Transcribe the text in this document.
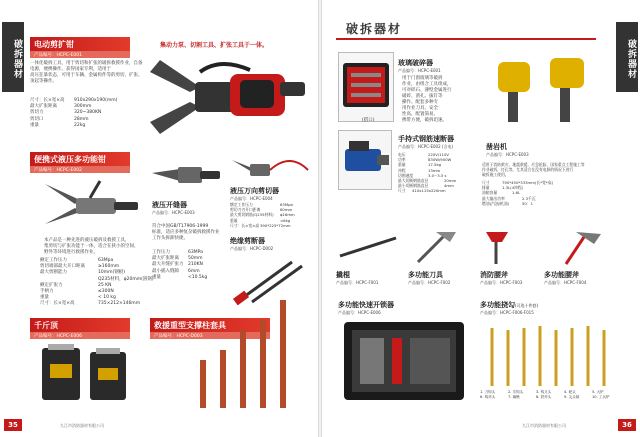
破拆器材	电动剪扩钳
产品编号：HCPC-E001
一体化破拆工具，用于剪切和扩张的破拆救援作业，自备电源，便携操作。获得国家专利，适用于
高压狂暴状态，可用于车辆、金属构件等的剪切、扩张、
顶起等操作。
尺寸：长×宽×高	910x290x190(mm)
最大扩张距离	300mm
剪切力	320~380KN
剪切口	28mm
重量	22kg
集动力泵、切割工具、扩张工具于一体。
便携式液压多功能钳
产品编号：HCPC-E002
本产品是一种先进的液压破拆及救援工具，
集剪切与扩张功能于一体，适合在狭小的空间、
野外等环境进行救援作业。
额定工作压力	63Mpa
剪切端部最大开口距离	≥160mm
最大剪断能力	10mm(钢板)
Q235材料，φ20mm(圆钢)
额定扩张力	25 KN
手柄力	≤300N
重量	< 10 kg
尺寸：长×宽×高	735×212×146mm
千斤顶
产品编号：HCPC-E006
液压开缝器
产品编号：HCPC-E003
符合中国GB/T17906-1999
标准，适应多种复杂破拆救援作业
工作头拆卸快捷。
工作压力	63MPa
最大扩张距离	50mm
最大开缝扩张力	210KN
最小插入缝隙	6mm
重量	<10.5kg
液压万向剪切器
产品编号：HCPC-E004
额定工作压力	63Mpa
剪切刀刃开口距离	60mm
最大剪切钢筋(Q235材料)	φ16mm
重量	<6kg
尺寸：长×宽×高 390*225*72mm
绝缘剪断器
产品编号：HCPC-D002
救援重型支撑柱套具
产品编号：HCPC-D003
九江市消防器材有限公司
35
破拆器材
破拆器材
玻璃破碎器
产品编号：HCPC-E001
用于门窗玻璃等破拆
作业，由组合工具组成，
可对碎石、薄壁金属进行
破碎、凿孔、拔钉等
操作。配套多种专
用作业刀具，安全
性高，配置简易。
携带方便，破拆迅速。
(搭口)
手持式钢筋速断器
产品编号：HCPC-E002 (含电)
电压	220V/110V
功率	830W/900W
重量	17.5kg
冲程	13mm
切割速度	3.0~3.5 s
最大切断钢筋直径	20mm
最小切断钢筋直径	4mm
尺寸	410x115x220mm
凿岩机
产品编号：HCPC-E003
适用于消防救灾、地震救援、应急抢险、国家重点工程施工等
作业破拆，打孔等。尤其适合在没有电源的情况下进行
破拆施工使用。
尺寸	790*450*333mm(长*宽*高)
排量	1.3L(4冲程)
油箱容量	1.6L
最大输出功率	2.3千瓦
燃油(汽油/机油)	50：1
撬棍
产品编号：HCPC-F001
多功能刀具
产品编号：HCPC-F002
消防腰斧
产品编号：HCPC-F003
多功能腰斧
产品编号：HCPC-F004
多功能快速开锁器
产品编号：HCPC-E006
多功能挠勾(可选十件套)
产品编号：HCPC-F006-F015
1. 刀钩头	2. 爪钩头	3. 钩叉头	4. 耙头	5. 大铲
6. 钩斧头	7. 撬锹	8. 铁斧头	9. 尖头镐	10. 工兵铲
九江市消防器材有限公司	36
